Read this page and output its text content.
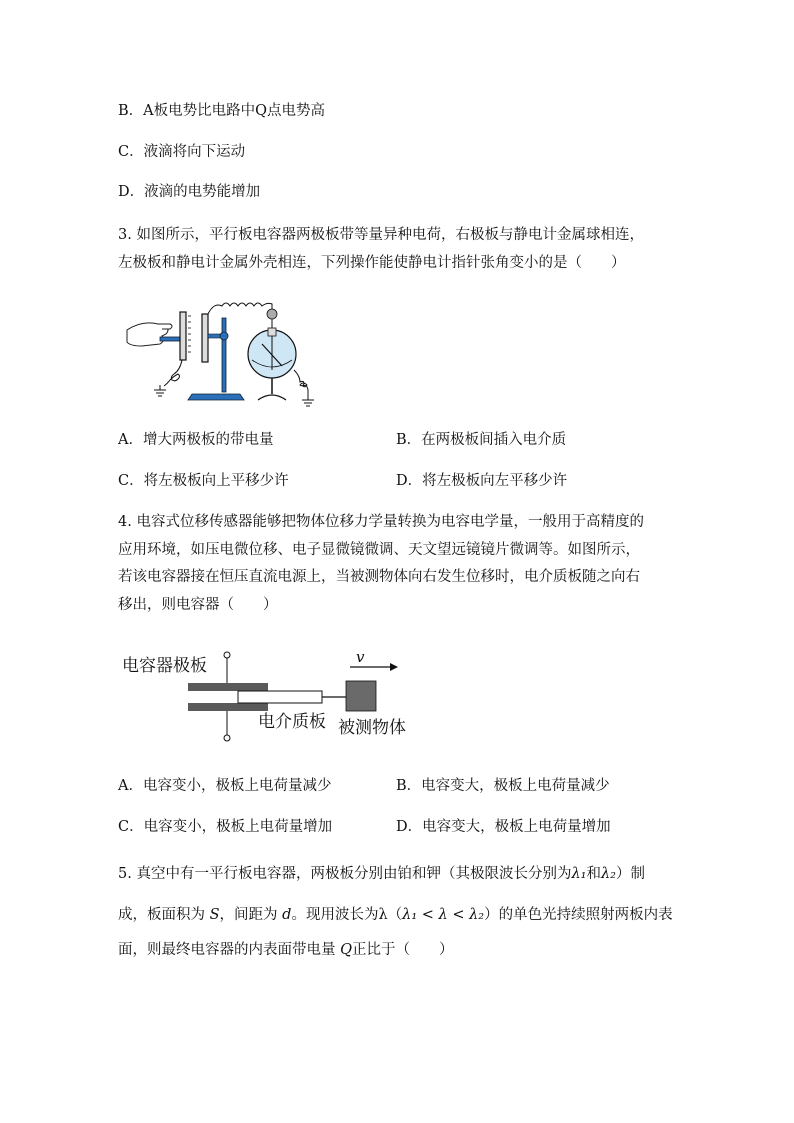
B．A板电势比电路中Q点电势高
C．液滴将向下运动
D．液滴的电势能增加
3. 如图所示，平行板电容器两极板带等量异种电荷，右极板与静电计金属球相连，
左极板和静电计金属外壳相连，下列操作能使静电计指针张角变小的是（　　）
A．增大两极板的带电量	B．在两极板间插入电介质
C．将左极板向上平移少许	D．将左极板向左平移少许
4. 电容式位移传感器能够把物体位移力学量转换为电容电学量，一般用于高精度的
应用环境，如压电微位移、电子显微镜微调、天文望远镜镜片微调等。如图所示，
若该电容器接在恒压直流电源上，当被测物体向右发生位移时，电介质板随之向右
移出，则电容器（　　）
电容器极板	v
电介质板 被测物体
A．电容变小，极板上电荷量减少	B．电容变大，极板上电荷量减少
C．电容变小，极板上电荷量增加	D．电容变大，极板上电荷量增加
5. 真空中有一平行板电容器，两极板分别由铂和钾（其极限波长分别为λ₁和λ₂）制
成，板面积为 S，间距为 d。现用波长为λ（λ₁ < λ < λ₂）的单色光持续照射两板内表
面，则最终电容器的内表面带电量 Q正比于（　　）
